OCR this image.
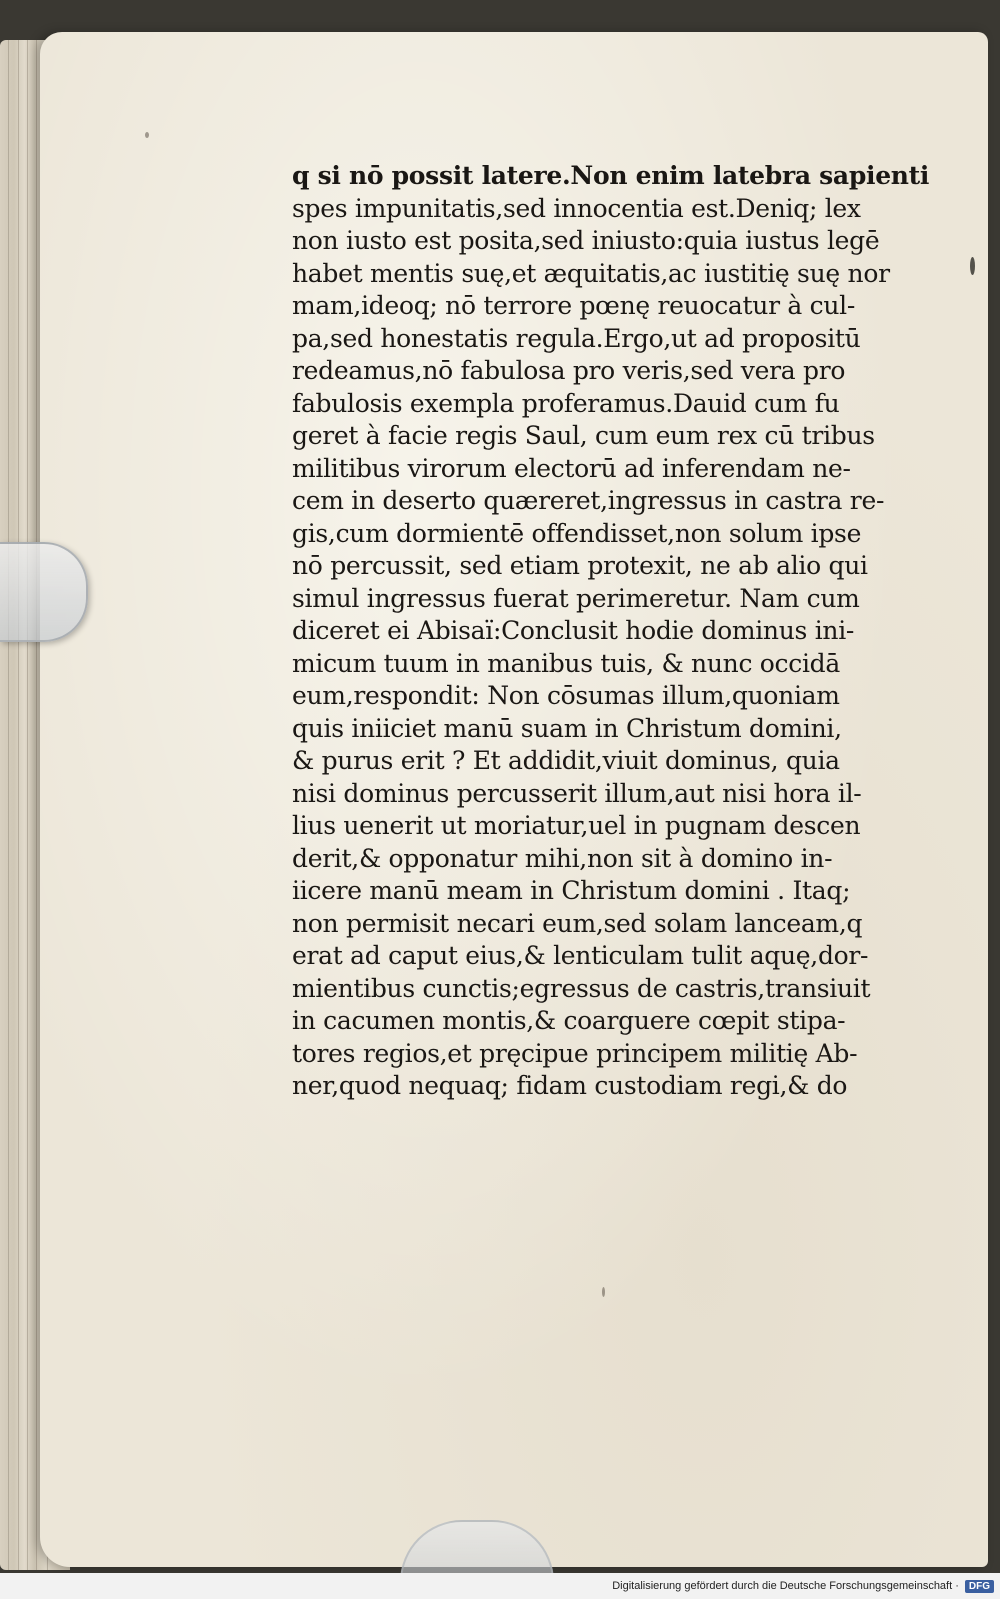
q si nō possit latere.Non enim latebra sapienti
spes impunitatis,sed innocentia est.Deniq; lex
non iusto est posita,sed iniusto:quia iustus legē
habet mentis suę,et æquitatis,ac iustitię suę nor
mam,ideoq; nō terrore pœnę reuocatur à cul-
pa,sed honestatis regula.Ergo,ut ad propositū
redeamus,nō fabulosa pro veris,sed vera pro
fabulosis exempla proferamus.Dauid cum fu
geret à facie regis Saul, cum eum rex cū tribus
militibus virorum electorū ad inferendam ne-
cem in deserto quæreret,ingressus in castra re-
gis,cum dormientē offendisset,non solum ipse
nō percussit, sed etiam protexit, ne ab alio qui
simul ingressus fuerat perimeretur. Nam cum
diceret ei Abisaï:Conclusit hodie dominus ini-
micum tuum in manibus tuis, & nunc occidā
eum,respondit: Non cōsumas illum,quoniam
quis iniiciet manū suam in Christum domini,
& purus erit ? Et addidit,viuit dominus, quia
nisi dominus percusserit illum,aut nisi hora il-
lius uenerit ut moriatur,uel in pugnam descen
derit,& opponatur mihi,non sit à domino in-
iicere manū meam in Christum domini . Itaq;
non permisit necari eum,sed solam lanceam,q
erat ad caput eius,& lenticulam tulit aquę,dor-
mientibus cunctis;egressus de castris,transiuit
in cacumen montis,& coarguere cœpit stipa-
tores regios,et pręcipue principem militię Ab-
ner,quod nequaq; fidam custodiam regi,& do
Digitalisierung gefördert durch die Deutsche Forschungsgemeinschaft ·	DFG
